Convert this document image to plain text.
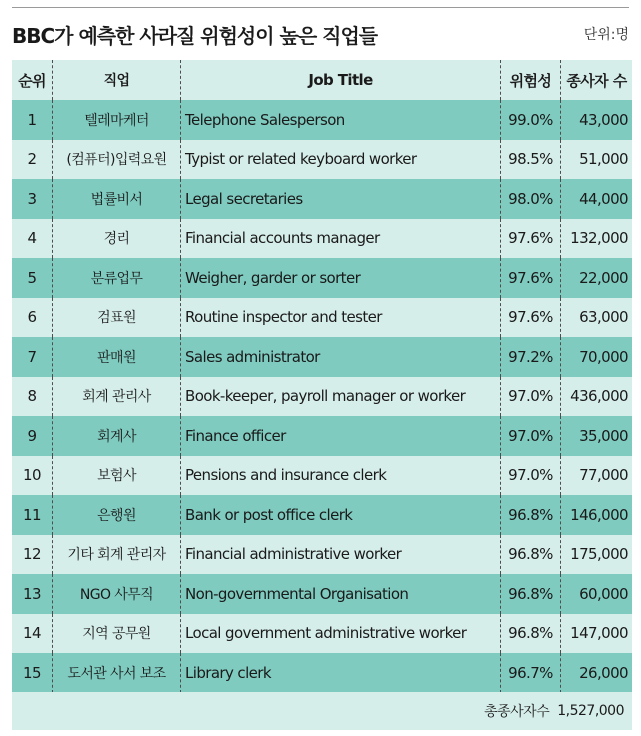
BBC가 예측한 사라질 위험성이 높은 직업들	단위:명
순위	직업	Job Title	위험성	종사자 수
1	텔레마케터	Telephone Salesperson	99.0%	43,000
2	(컴퓨터)입력요원	Typist or related keyboard worker	98.5%	51,000
3	법률비서	Legal secretaries	98.0%	44,000
4	경리	Financial accounts manager	97.6%	132,000
5	분류업무	Weigher, garder or sorter	97.6%	22,000
6	검표원	Routine inspector and tester	97.6%	63,000
7	판매원	Sales administrator	97.2%	70,000
8	회계 관리사	Book-keeper, payroll manager or worker	97.0%	436,000
9	회계사	Finance officer	97.0%	35,000
10	보험사	Pensions and insurance clerk	97.0%	77,000
11	은행원	Bank or post office clerk	96.8%	146,000
12	기타 회계 관리자	Financial administrative worker	96.8%	175,000
13	NGO 사무직	Non-governmental Organisation	96.8%	60,000
14	지역 공무원	Local government administrative worker	96.8%	147,000
15	도서관 사서 보조	Library clerk	96.7%	26,000
총종사자수 1,527,000
